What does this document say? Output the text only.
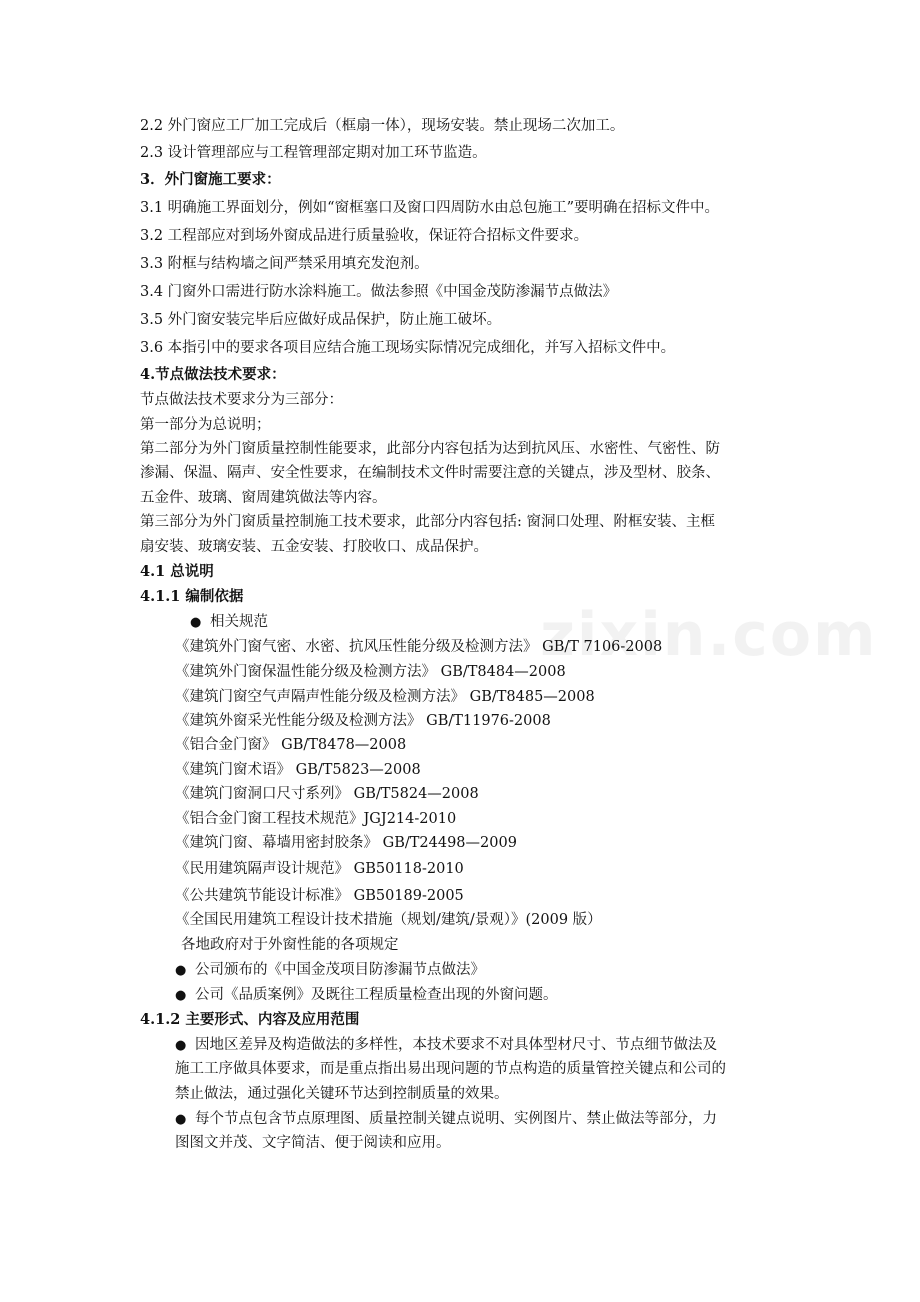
zixin.com
2.2 外门窗应工厂加工完成后（框扇一体），现场安装。禁止现场二次加工。
2.3 设计管理部应与工程管理部定期对加工环节监造。
3．外门窗施工要求：
3.1 明确施工界面划分，例如“窗框塞口及窗口四周防水由总包施工”要明确在招标文件中。
3.2 工程部应对到场外窗成品进行质量验收，保证符合招标文件要求。
3.3 附框与结构墙之间严禁采用填充发泡剂。
3.4 门窗外口需进行防水涂料施工。做法参照《中国金茂防渗漏节点做法》
3.5 外门窗安装完毕后应做好成品保护，防止施工破坏。
3.6 本指引中的要求各项目应结合施工现场实际情况完成细化，并写入招标文件中。
4.节点做法技术要求：
节点做法技术要求分为三部分：
第一部分为总说明；
第二部分为外门窗质量控制性能要求，此部分内容包括为达到抗风压、水密性、气密性、防
渗漏、保温、隔声、安全性要求，在编制技术文件时需要注意的关键点，涉及型材、胶条、
五金件、玻璃、窗周建筑做法等内容。
第三部分为外门窗质量控制施工技术要求，此部分内容包括: 窗洞口处理、附框安装、主框
扇安装、玻璃安装、五金安装、打胶收口、成品保护。
4.1 总说明
4.1.1 编制依据
● 相关规范
《建筑外门窗气密、水密、抗风压性能分级及检测方法》 GB/T 7106-2008
《建筑外门窗保温性能分级及检测方法》 GB/T8484—2008
《建筑门窗空气声隔声性能分级及检测方法》 GB/T8485—2008
《建筑外窗采光性能分级及检测方法》 GB/T11976-2008
《铝合金门窗》 GB/T8478—2008
《建筑门窗术语》 GB/T5823—2008
《建筑门窗洞口尺寸系列》 GB/T5824—2008
《铝合金门窗工程技术规范》JGJ214-2010
《建筑门窗、幕墙用密封胶条》 GB/T24498—2009
《民用建筑隔声设计规范》 GB50118-2010
《公共建筑节能设计标准》 GB50189-2005
《全国民用建筑工程设计技术措施（规划/建筑/景观）》(2009 版）
各地政府对于外窗性能的各项规定
● 公司颁布的《中国金茂项目防渗漏节点做法》
● 公司《品质案例》及既往工程质量检查出现的外窗问题。
4.1.2 主要形式、内容及应用范围
● 因地区差异及构造做法的多样性，本技术要求不对具体型材尺寸、节点细节做法及
施工工序做具体要求，而是重点指出易出现问题的节点构造的质量管控关键点和公司的
禁止做法，通过强化关键环节达到控制质量的效果。
● 每个节点包含节点原理图、质量控制关键点说明、实例图片、禁止做法等部分，力
图图文并茂、文字简洁、便于阅读和应用。
